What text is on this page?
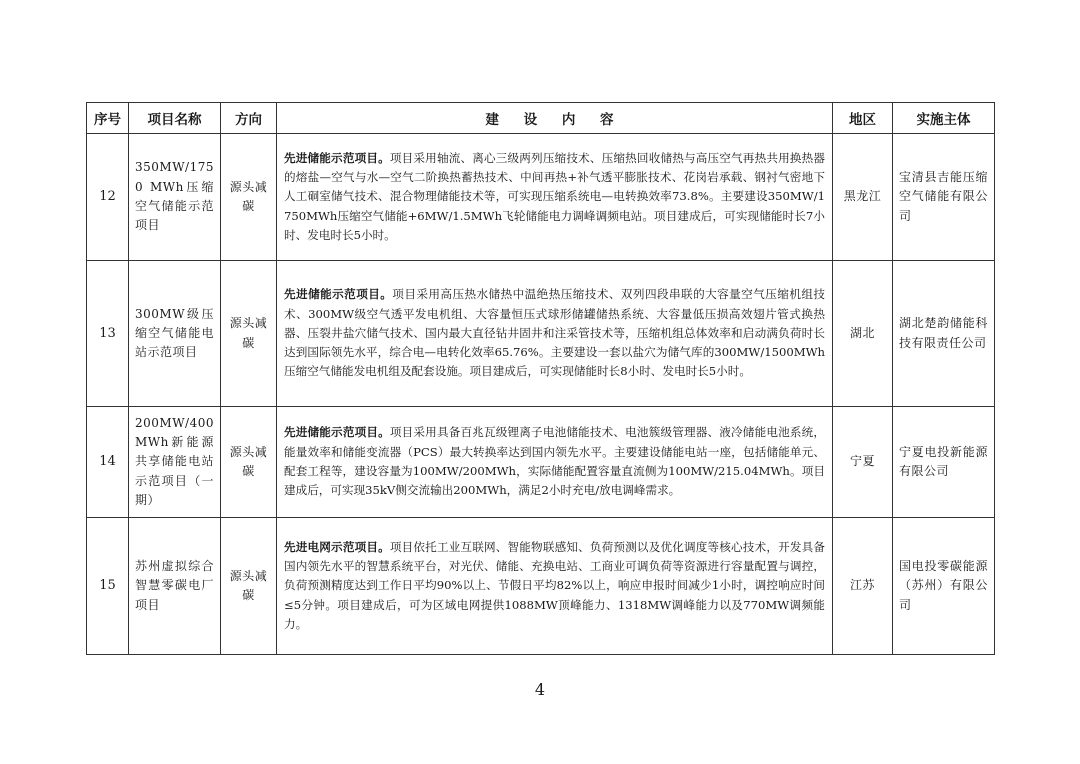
序号	项目名称	方向	建 设 内 容	地区	实施主体
12	350MW/1750 MWh压缩空气储能示范项目	源头减碳	先进储能示范项目。项目采用轴流、离心三级两列压缩技术、压缩热回收储热与高压空气再热共用换热器的熔盐—空气与水—空气二阶换热蓄热技术、中间再热+补气透平膨胀技术、花岗岩承载、钢衬气密地下人工硐室储气技术、混合物理储能技术等，可实现压缩系统电—电转换效率73.8%。主要建设350MW/1750MWh压缩空气储能+6MW/1.5MWh飞轮储能电力调峰调频电站。项目建成后，可实现储能时长7小时、发电时长5小时。	黑龙江	宝清县吉能压缩空气储能有限公司
13	300MW级压缩空气储能电站示范项目	源头减碳	先进储能示范项目。项目采用高压热水储热中温绝热压缩技术、双列四段串联的大容量空气压缩机组技术、300MW级空气透平发电机组、大容量恒压式球形储罐储热系统、大容量低压损高效翅片管式换热器、压裂井盐穴储气技术、国内最大直径钻井固井和注采管技术等，压缩机组总体效率和启动满负荷时长达到国际领先水平，综合电—电转化效率65.76%。主要建设一套以盐穴为储气库的300MW/1500MWh压缩空气储能发电机组及配套设施。项目建成后，可实现储能时长8小时、发电时长5小时。	湖北	湖北楚韵储能科技有限责任公司
14	200MW/400 MWh新能源共享储能电站示范项目（一期）	源头减碳	先进储能示范项目。项目采用具备百兆瓦级锂离子电池储能技术、电池簇级管理器、液冷储能电池系统，能量效率和储能变流器（PCS）最大转换率达到国内领先水平。主要建设储能电站一座，包括储能单元、配套工程等，建设容量为100MW/200MWh，实际储能配置容量直流侧为100MW/215.04MWh。项目建成后，可实现35kV侧交流输出200MWh，满足2小时充电/放电调峰需求。	宁夏	宁夏电投新能源有限公司
15	苏州虚拟综合智慧零碳电厂项目	源头减碳	先进电网示范项目。项目依托工业互联网、智能物联感知、负荷预测以及优化调度等核心技术，开发具备国内领先水平的智慧系统平台，对光伏、储能、充换电站、工商业可调负荷等资源进行容量配置与调控，负荷预测精度达到工作日平均90%以上、节假日平均82%以上，响应申报时间减少1小时，调控响应时间≤5分钟。项目建成后，可为区域电网提供1088MW顶峰能力、1318MW调峰能力以及770MW调频能力。	江苏	国电投零碳能源（苏州）有限公司
4
